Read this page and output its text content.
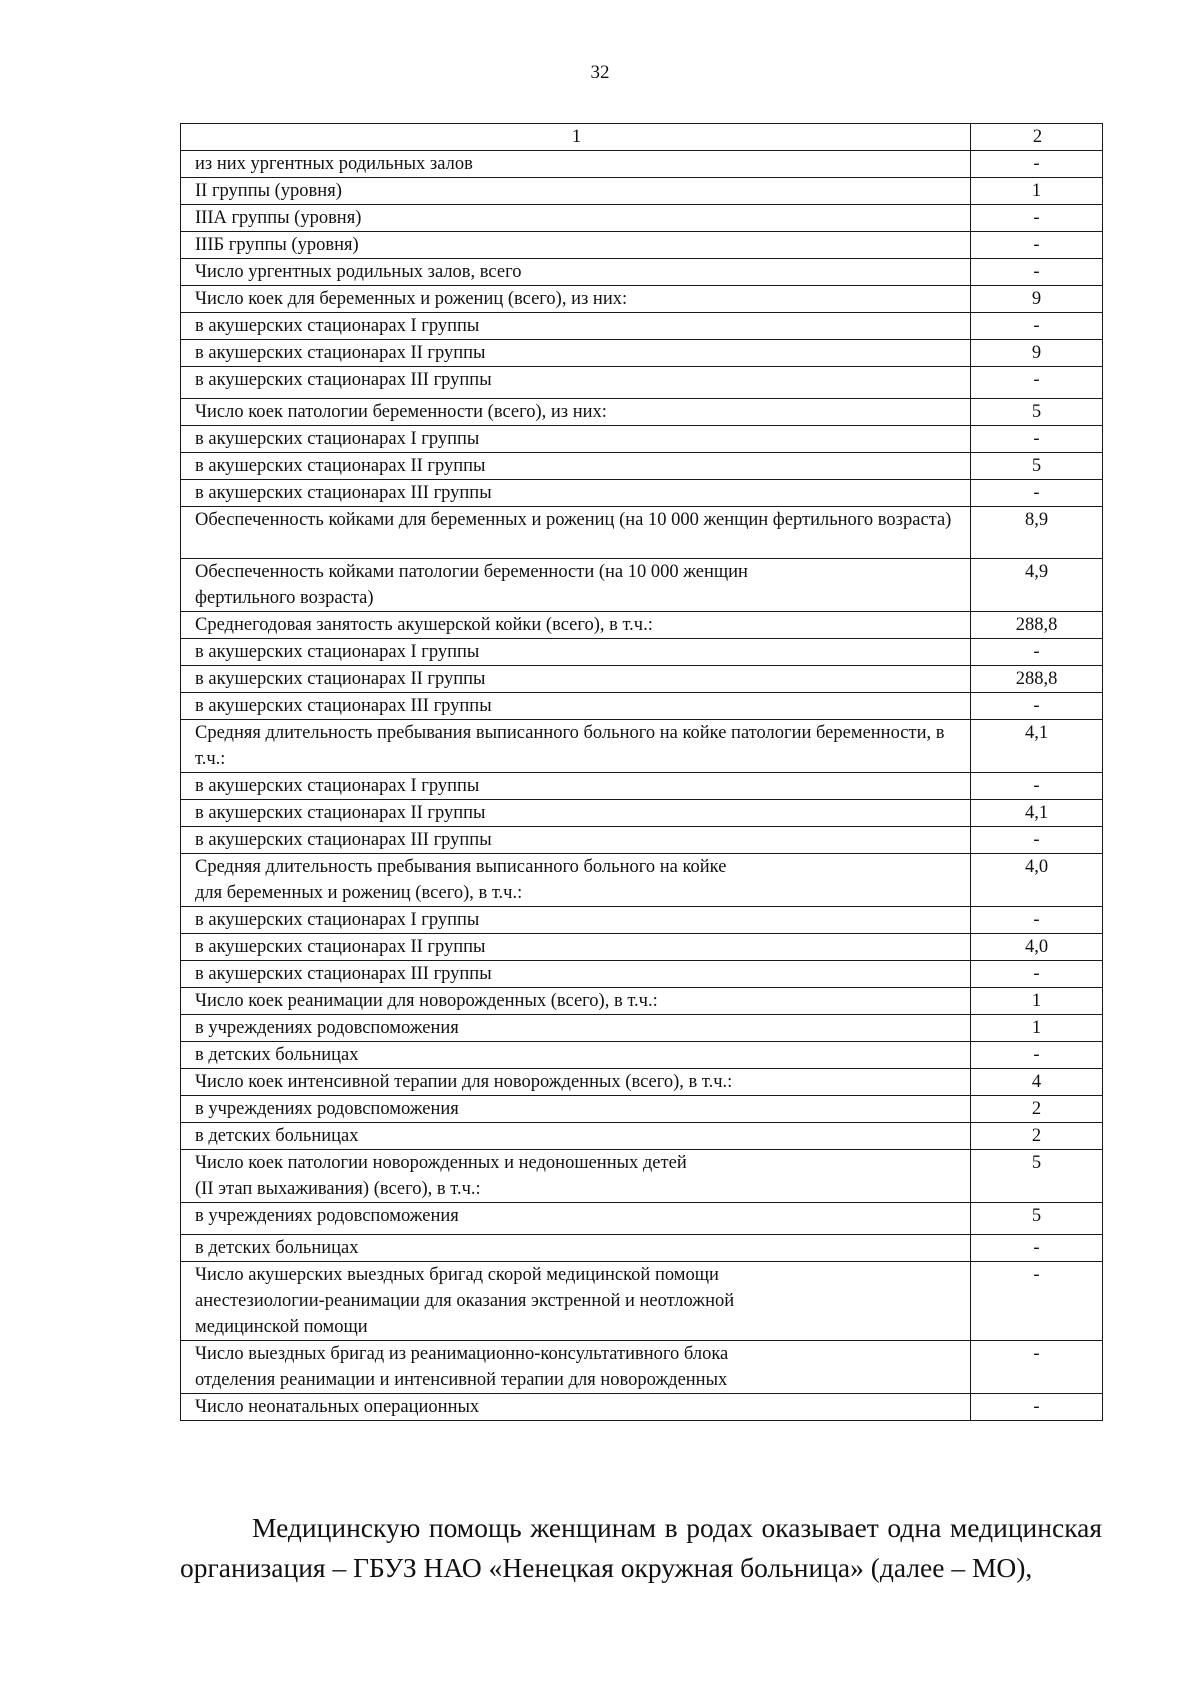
32
1	2
из них ургентных родильных залов	-
II группы (уровня)	1
IIIА группы (уровня)	-
IIIБ группы (уровня)	-
Число ургентных родильных залов, всего	-
Число коек для беременных и рожениц (всего), из них:	9
в акушерских стационарах I группы	-
в акушерских стационарах II группы	9
в акушерских стационарах III группы	-
Число коек патологии беременности (всего), из них:	5
в акушерских стационарах I группы	-
в акушерских стационарах II группы	5
в акушерских стационарах III группы	-
Обеспеченность койками для беременных и рожениц (на 10 000 женщин фертильного возраста)	8,9
Обеспеченность койками патологии беременности (на 10 000 женщин
фертильного возраста)	4,9
Среднегодовая занятость акушерской койки (всего), в т.ч.:	288,8
в акушерских стационарах I группы	-
в акушерских стационарах II группы	288,8
в акушерских стационарах III группы	-
Средняя длительность пребывания выписанного больного на койке патологии беременности, в т.ч.:	4,1
в акушерских стационарах I группы	-
в акушерских стационарах II группы	4,1
в акушерских стационарах III группы	-
Средняя длительность пребывания выписанного больного на койке
для беременных и рожениц (всего), в т.ч.:	4,0
в акушерских стационарах I группы	-
в акушерских стационарах II группы	4,0
в акушерских стационарах III группы	-
Число коек реанимации для новорожденных (всего), в т.ч.:	1
в учреждениях родовспоможения	1
в детских больницах	-
Число коек интенсивной терапии для новорожденных (всего), в т.ч.:	4
в учреждениях родовспоможения	2
в детских больницах	2
Число коек патологии новорожденных и недоношенных детей
(II этап выхаживания) (всего), в т.ч.:	5
в учреждениях родовспоможения	5
в детских больницах	-
Число акушерских выездных бригад скорой медицинской помощи
анестезиологии-реанимации для оказания экстренной и неотложной
медицинской помощи	-
Число выездных бригад из реанимационно-консультативного блока
отделения реанимации и интенсивной терапии для новорожденных	-
Число неонатальных операционных	-

Медицинскую помощь женщинам в родах оказывает одна медицинская организация – ГБУЗ НАО «Ненецкая окружная больница» (далее – МО),
